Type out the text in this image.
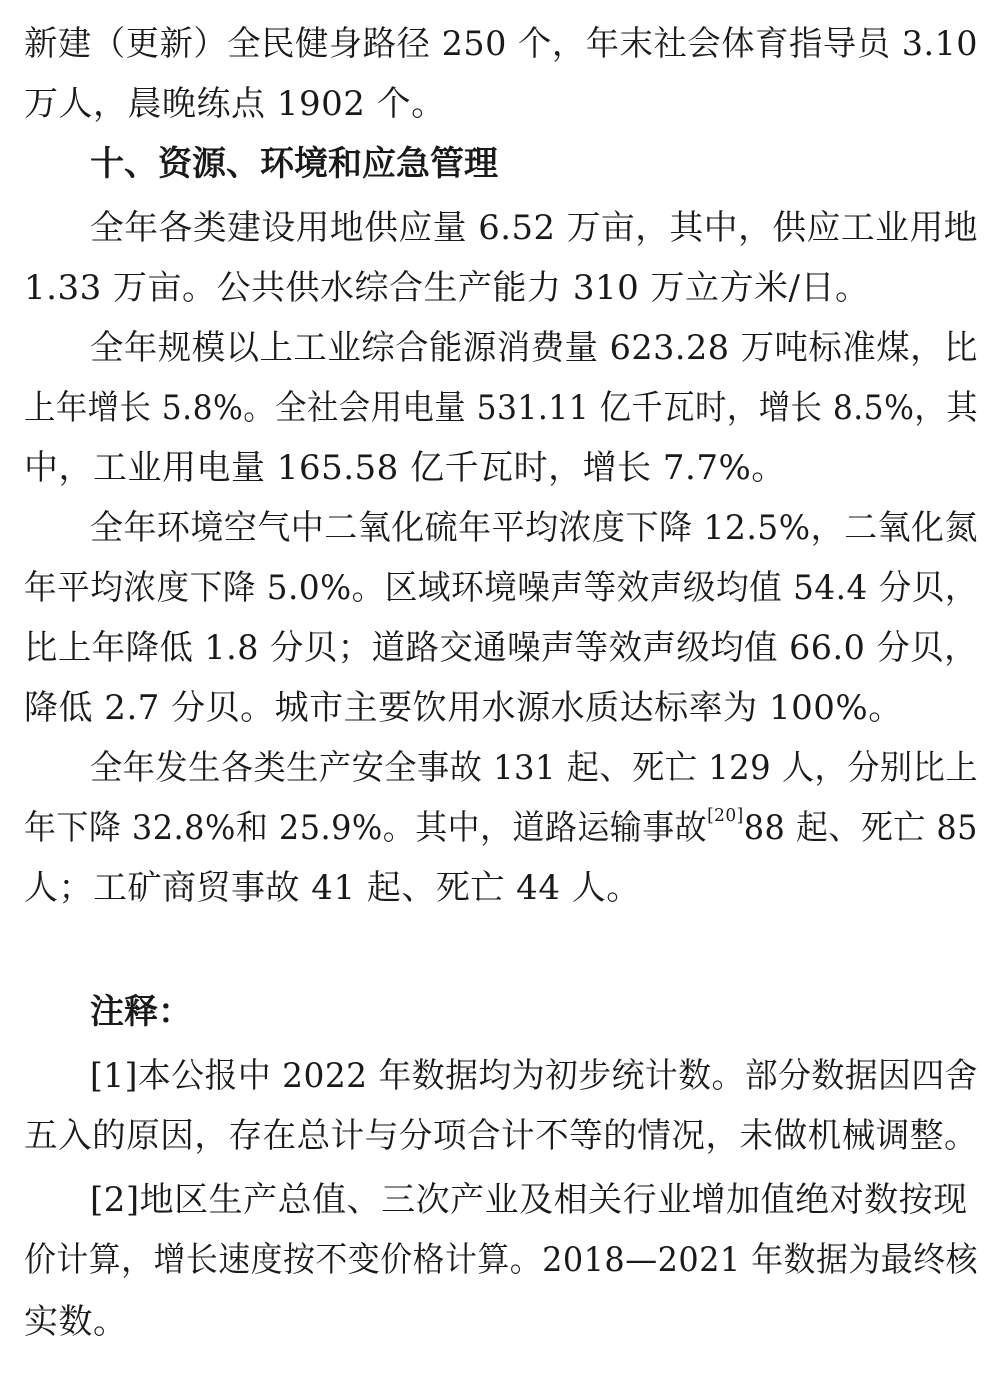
新建（更新）全民健身路径 250 个，年末社会体育指导员 3.10
万人，晨晚练点 1902 个。
十、资源、环境和应急管理
全年各类建设用地供应量 6.52 万亩，其中，供应工业用地
1.33 万亩。公共供水综合生产能力 310 万立方米/日。
全年规模以上工业综合能源消费量 623.28 万吨标准煤，比
上年增长 5.8%。全社会用电量 531.11 亿千瓦时，增长 8.5%，其
中，工业用电量 165.58 亿千瓦时，增长 7.7%。
全年环境空气中二氧化硫年平均浓度下降 12.5%，二氧化氮
年平均浓度下降 5.0%。区域环境噪声等效声级均值 54.4 分贝，
比上年降低 1.8 分贝；道路交通噪声等效声级均值 66.0 分贝，
降低 2.7 分贝。城市主要饮用水源水质达标率为 100%。
全年发生各类生产安全事故 131 起、死亡 129 人，分别比上
年下降 32.8%和 25.9%。其中，道路运输事故[20]88 起、死亡 85
人；工矿商贸事故 41 起、死亡 44 人。
注释：
[1]本公报中 2022 年数据均为初步统计数。部分数据因四舍
五入的原因，存在总计与分项合计不等的情况，未做机械调整。
[2]地区生产总值、三次产业及相关行业增加值绝对数按现
价计算，增长速度按不变价格计算。2018—2021 年数据为最终核
实数。
